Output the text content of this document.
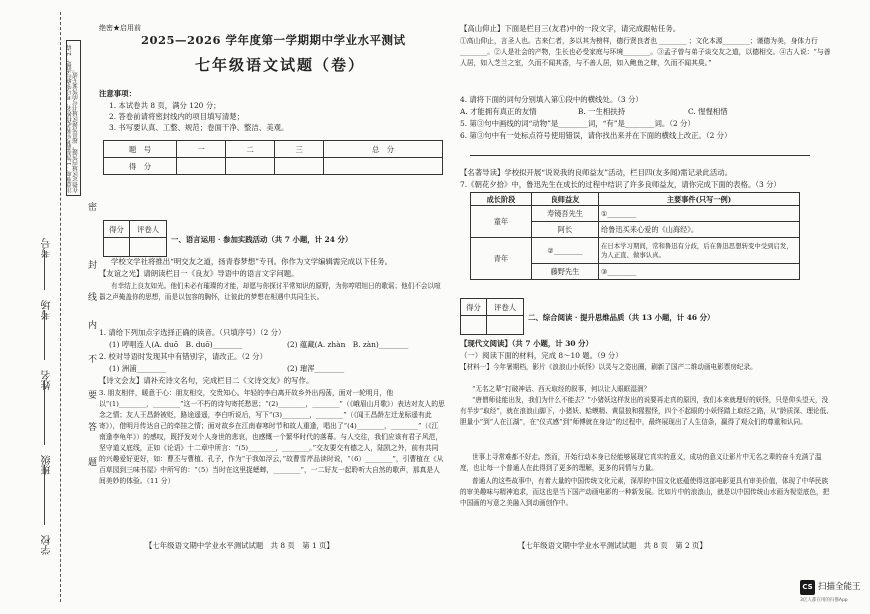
学校
班级
姓名
考场
考号
注意事项：1.答卷前考生务必将姓名、考号等填写清楚。2.请在指定区域内答题，超出答题区域书写的答案无效。
密
封
线
内
不
要
答
题
绝密★启用前
2025—2026 学年度第一学期期中学业水平测试
七年级语文试题（卷）
注意事项：
1. 本试卷共 8 页，满分 120 分；
2. 答卷前请将密封线内的项目填写清楚；
3. 书写要认真、工整、规范；卷面干净、整洁、美观。
题　号	一	二	三	总　分
得　分				
得分	评卷人

一、语言运用 · 参加实践活动（共 7 小题，计 24 分）
学校文学社将推出“明交友之道，扬青春梦想”专刊。你作为文学编辑需完成以下任务。
【友谊之光】请朗读栏目一《良友》导语中的语言文字问题。
有幸结上良友如光。他们未必有璀璨的才能，却愿与你探讨平常知识的原野，为你哼唱旭日的歌谣；他们不会以喧嚣之声掩盖你的思想，而是以包容的胸怀，让彼此的梦想在相遇中共同生长。
1. 请给下列加点字选择正确的读音。（只填序号）（2 分）
(1) 哼唱连人(A. duō　B. duō)________	(2) 蕴藏(A. zhàn　B. zàn)________
2. 校对导语时发现其中有错别字，请改正。（2 分）
(1) 洲浦________	(2) 璀浑________
【诗文会友】请补充诗文名句，完成栏目二《文诗交友》的写作。
3. 朋友相伴，暖意于心：朋友相交，交贵知心。年轻的李白离开故乡外出闯荡，面对一轮明月，他以“(1)________，________”这一不朽的诗句寄托愁思；“(2)________，________”（《峨眉山月歌》）表达对友人的思念之情；友人王昌龄被贬，路途遥遥，李白听说后，写下“(3)________，________”（《闻王昌龄左迁龙标遥有此寄》），借明月传达自己的牵挂之情；面对故乡在江南春寒时节和故人重逢，唱出了“(4)________，________”（《江南逢李龟年》）的感叹，既抒发对个人身世的悲哀，也感慨一个繁华时代的落幕。与人交往，我们应该有君子风范，坚守道义底线，正如《论语》十二章中所言：“(5)________，________。”交友要交有德之人，陆凯之外，前有共同的兴趣爱好更好，如：曹丕与曹植、孔子，作为“于我如浮云，”故曹雪芹品读时说，“（6）________”，引曹植在《从百草园到三味书屋》中所写的：“（5）当时在这里捉蟋蟀，________”，一二好友一起聆听大自然的歌声，那真是人间美妙的体验。（11 分）
【七年级语文期中学业水平测试试题　共 8 页　第 1 页】
【高山仰止】下面是栏目三(友君)中的一段文字，请完成跟帖任务。
①高山仰止，言圣人也。古来仁者，多以其为榜样，德行贤良者也 ________ ；文化本源________；谨德为美，身体力行 ________。②人是社会的产物，生长也必受家庭与环境________。③孟子曾与弟子谈交友之道，以德相交。④古人说：“与善人居，如入芝兰之室，久而不闻其香，与不善人居，如入鲍鱼之肆，久而不闻其臭。”
4. 请将下面的词句分别填入第①段中的横线处。（3 分）
A. 才能拥有真正的友情	B. 一生相扶持	C. 惺惺相惜
5. 第③句中画线的词“动物”是________词，“有”是________词。（2 分）
6. 第③句中有一处标点符号使用错误，请你找出来并在下面的横线上改正。（2 分）
【名著导读】学校拟开展“说说我的良师益友”活动，栏目四(友多闻)需记录此活动。
7.《朝花夕拾》中，鲁迅先生在成长的过程中结识了许多良师益友，请你完成下面的表格。（3 分）
成长阶段	良师益友	主要事件(只写一例)
童年	寿镜吾先生	①________
	阿长	给鲁迅买来心爱的《山海经》。
青年	②________	在日本学习期间，常和鲁迅有分歧，后在鲁迅思想转变中受到启发，为人正直、做事认真。
	藤野先生	③________
得分	评卷人

二、综合阅读 · 提升思维品质（共 13 小题，计 46 分）
【现代文阅读】（共 7 小题，计 30 分）
（一）阅读下面的材料，完成 8～10 题。（9 分）
【材料一】今年暑期档，影片《浪浪山小妖怪》以灵与之姿出圈，刷新了国产二维动画电影票房纪录。
“无名之辈”打破神话、西天取经的叙事，何以让人眼眶湿润？
“唐僧师徒能出发，我们为什么不能去？”小猪妖这样发出的说要再走真的原因，我们本来就理好的妖怪，只是仰头望天，没有半步“取经”，就在浪浪山脚下，小猪妖、蛤蟆精、黄鼠狼和猩猩怪，四个不起眼的小妖怪踏上取经之路，从“龄质深、理论低、胆量小”到“人在江湖”，在“仪式感”到“师傅就在身边”的过程中，最终展现出了人生信条，赢得了观众们的尊重和认同。
世事上寻常难都不好走。然而，开始行动本身已经能够展现它真实的意义，成功的意义让影片中无名之辈的奋斗充满了温度，也让每一个普通人在此得到了更多的理解，更多的同情与力量。
普通人的这些故事中，有着大量的中国传统文化元素，深厚的中国文化底蕴使得这部电影更具有审美价值，体现了中华民族的审美趣味与精神追求，而这也是当下国产动画电影的一种新发展。比如片中的浪浪山，就是以中国传统山水画为视觉底色，把中国画的写意之美融入到动画创作中。
【七年级语文期中学业水平测试试题　共 8 页　第 2 页】
CS 扫描全能王
3亿人都在用的扫描App
